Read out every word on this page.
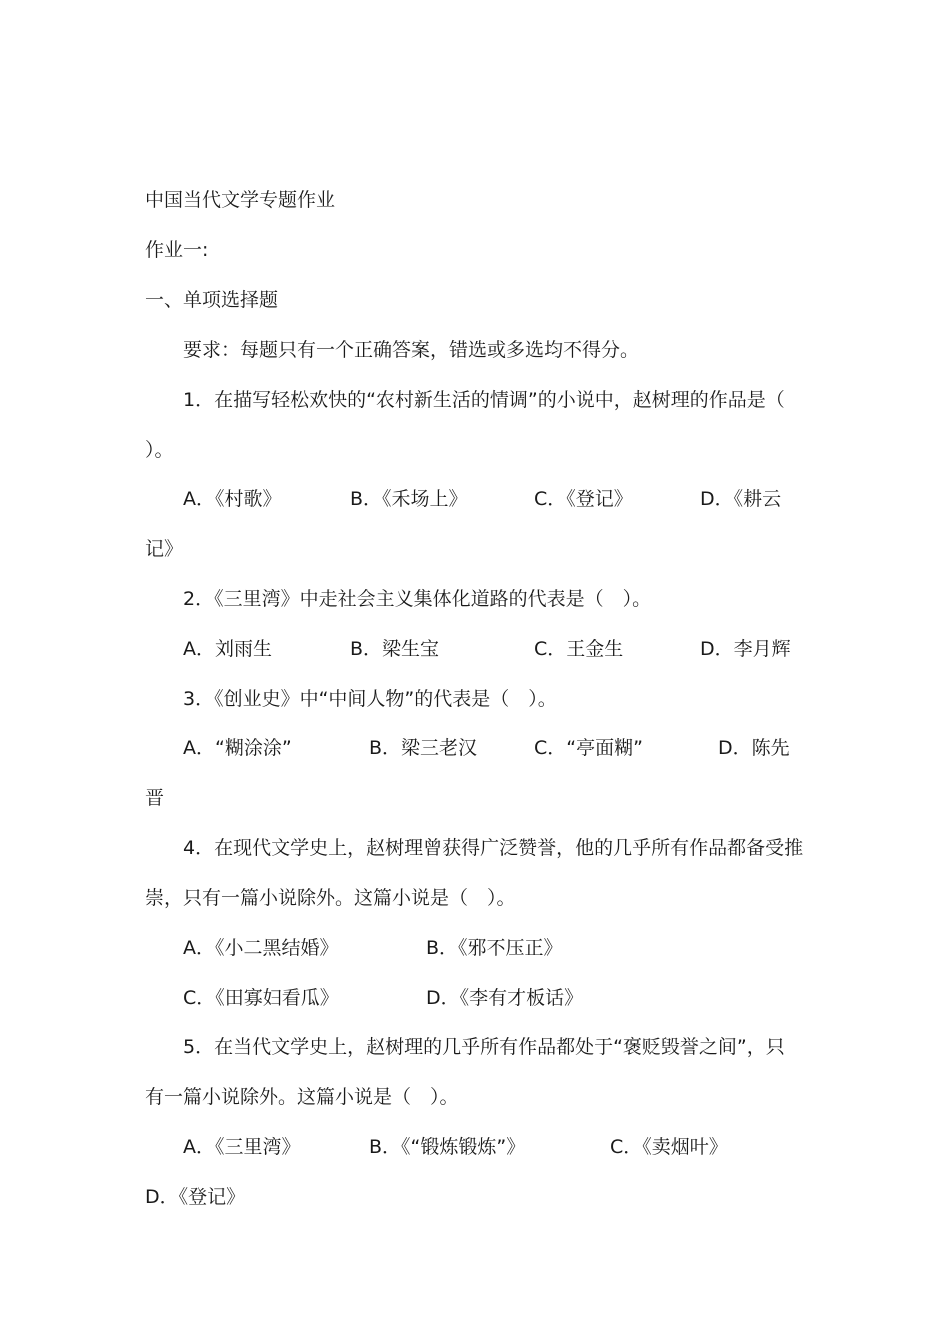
中国当代文学专题作业
作业一:
一、单项选择题
要求：每题只有一个正确答案，错选或多选均不得分。
1．在描写轻松欢快的“农村新生活的情调”的小说中，赵树理的作品是（
）。
A．《村歌》	B．《禾场上》	C．《登记》	D．《耕云
记》
2．《三里湾》中走社会主义集体化道路的代表是（　）。
A．刘雨生	B．梁生宝	C．王金生	D．李月辉
3．《创业史》中“中间人物”的代表是（　）。
A．“糊涂涂”	B．梁三老汉	C．“亭面糊”	D．陈先
晋
4．在现代文学史上，赵树理曾获得广泛赞誉，他的几乎所有作品都备受推
崇，只有一篇小说除外。这篇小说是（　）。
A．《小二黑结婚》	B．《邪不压正》
C．《田寡妇看瓜》	D．《李有才板话》
5．在当代文学史上，赵树理的几乎所有作品都处于“褒贬毁誉之间”，只
有一篇小说除外。这篇小说是（　）。
A．《三里湾》	B．《“锻炼锻炼”》	C．《卖烟叶》
D．《登记》
